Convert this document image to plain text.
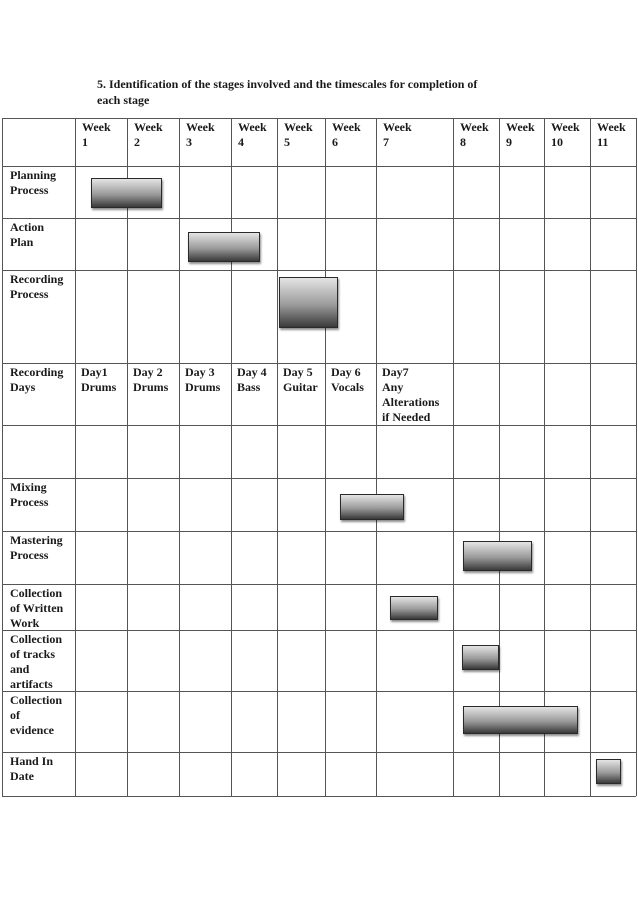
5. Identification of the stages involved and the timescales for completion of
each stage
Week
1
Week
2
Week
3
Week
4
Week
5
Week
6
Week
7
Week
8
Week
9
Week
10
Week
11
Planning
Process
Action
Plan
Recording
Process
Recording
Days
Day1
Drums
Day 2
Drums
Day 3
Drums
Day 4
Bass
Day 5
Guitar
Day 6
Vocals
Day7
Any
Alterations
if Needed
Mixing
Process
Mastering
Process
Collection
of Written
Work
Collection
of tracks
and
artifacts
Collection
of
evidence
Hand In
Date
